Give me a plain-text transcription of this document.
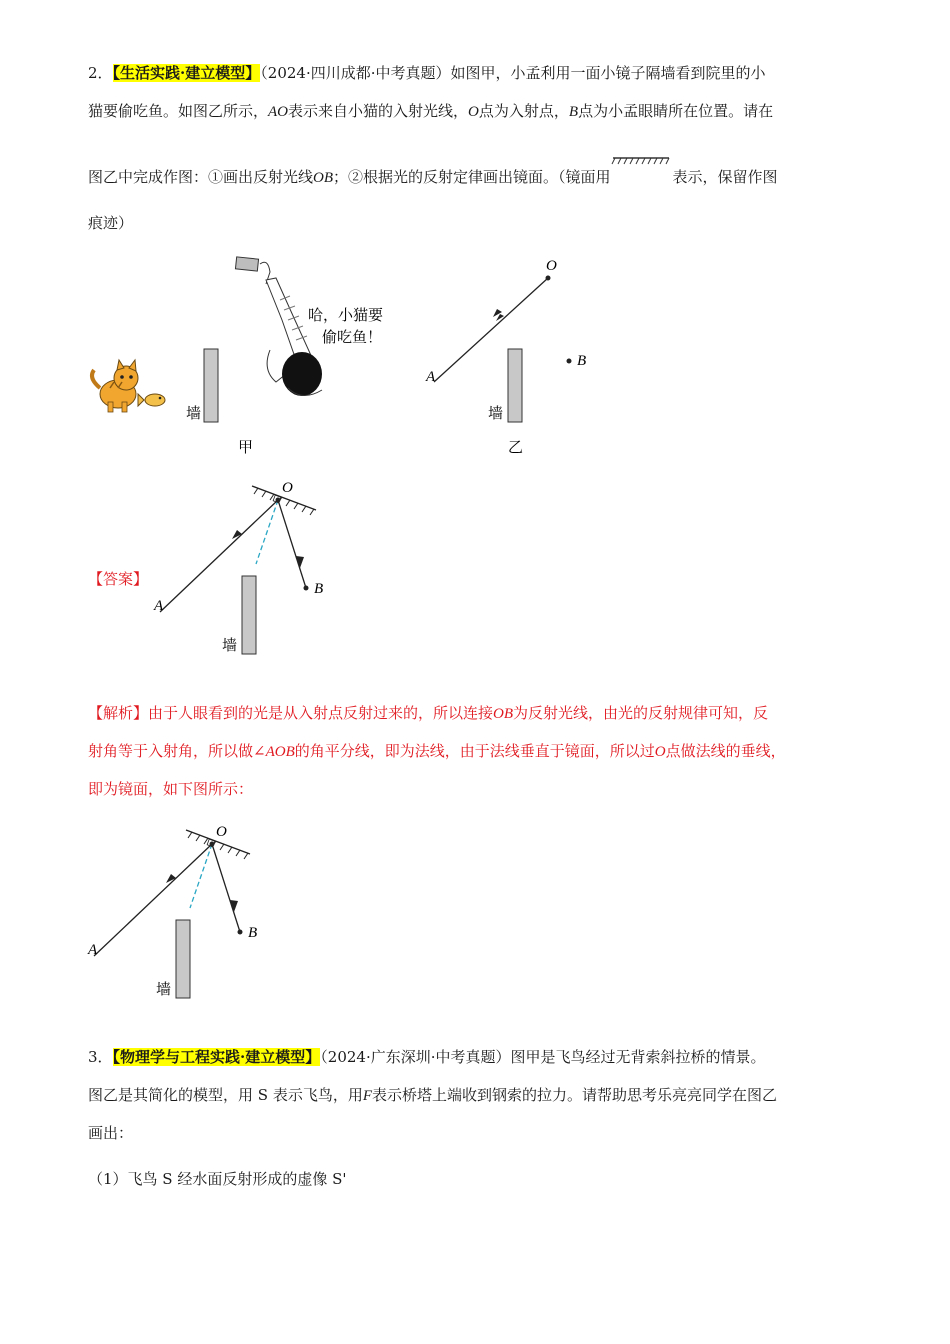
2．【生活实践·建立模型】（2024·四川成都·中考真题）如图甲，小孟利用一面小镜子隔墙看到院里的小
猫要偷吃鱼。如图乙所示，AO表示来自小猫的入射光线，O点为入射点，B点为小孟眼睛所在位置。请在
图乙中完成作图：①画出反射光线OB；②根据光的反射定律画出镜面。（镜面用	表示，保留作图
痕迹）
墙
哈，小猫要
偷吃鱼！
甲
O
B
A
墙
乙
【答案】
O
B
A
墙
【解析】由于人眼看到的光是从入射点反射过来的，所以连接OB为反射光线，由光的反射规律可知，反
射角等于入射角，所以做∠AOB的角平分线，即为法线，由于法线垂直于镜面，所以过O点做法线的垂线，
即为镜面，如下图所示：
O
B
A
墙
3．【物理学与工程实践·建立模型】（2024·广东深圳·中考真题）图甲是飞鸟经过无背索斜拉桥的情景。
图乙是其简化的模型，用 S 表示飞鸟，用F表示桥塔上端收到钢索的拉力。请帮助思考乐亮亮同学在图乙
画出：
（1）飞鸟 S 经水面反射形成的虚像 S'
